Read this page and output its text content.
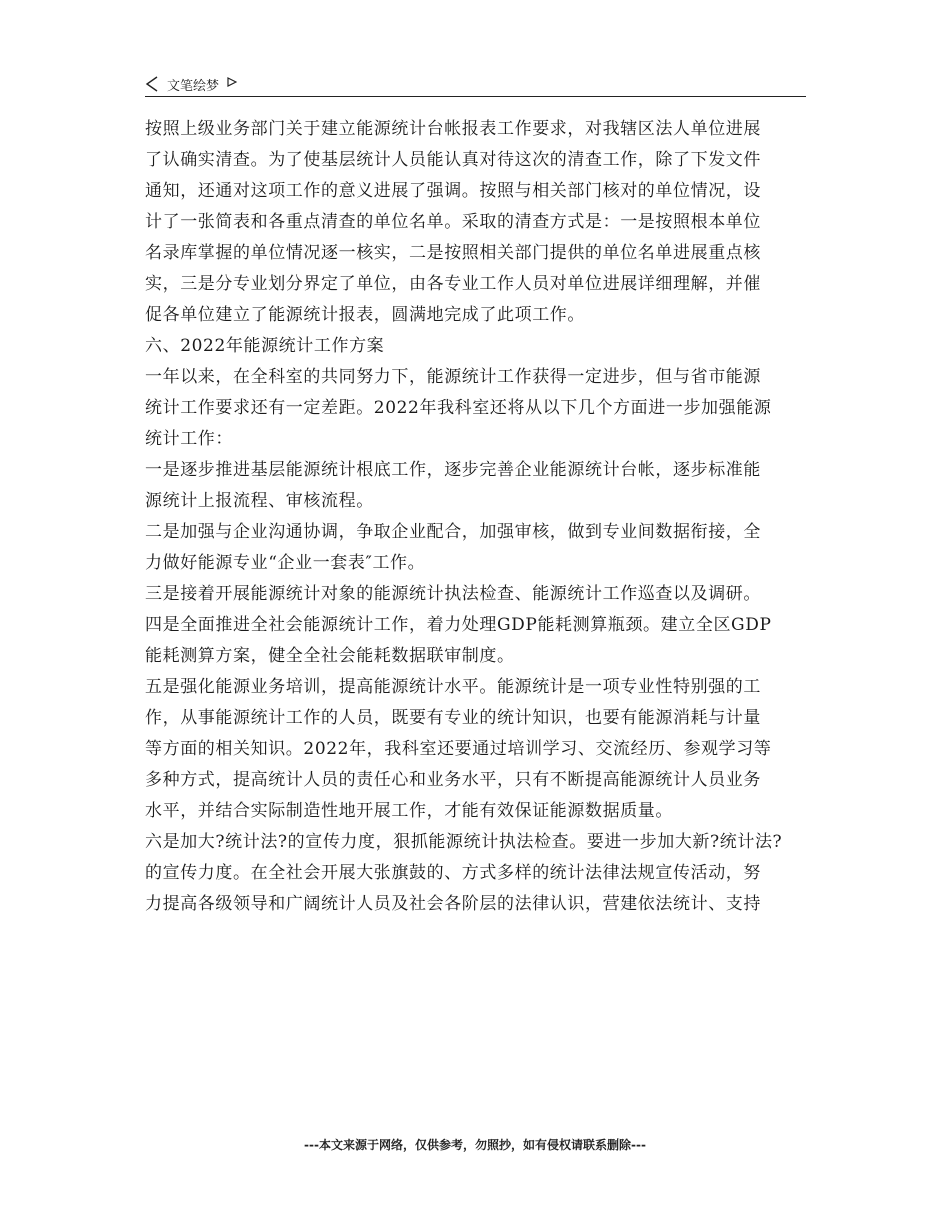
文笔绘梦
按照上级业务部门关于建立能源统计台帐报表工作要求，对我辖区法人单位进展
了认确实清查。为了使基层统计人员能认真对待这次的清查工作，除了下发文件
通知，还通对这项工作的意义进展了强调。按照与相关部门核对的单位情况，设
计了一张简表和各重点清查的单位名单。采取的清查方式是：一是按照根本单位
名录库掌握的单位情况逐一核实，二是按照相关部门提供的单位名单进展重点核
实，三是分专业划分界定了单位，由各专业工作人员对单位进展详细理解，并催
促各单位建立了能源统计报表，圆满地完成了此项工作。
六、2022年能源统计工作方案
一年以来，在全科室的共同努力下，能源统计工作获得一定进步，但与省市能源
统计工作要求还有一定差距。2022年我科室还将从以下几个方面进一步加强能源
统计工作：
一是逐步推进基层能源统计根底工作，逐步完善企业能源统计台帐，逐步标准能
源统计上报流程、审核流程。
二是加强与企业沟通协调，争取企业配合，加强审核，做到专业间数据衔接，全
力做好能源专业“企业一套表″工作。
三是接着开展能源统计对象的能源统计执法检查、能源统计工作巡查以及调研。
四是全面推进全社会能源统计工作，着力处理GDP能耗测算瓶颈。建立全区GDP
能耗测算方案，健全全社会能耗数据联审制度。
五是强化能源业务培训，提高能源统计水平。能源统计是一项专业性特别强的工
作，从事能源统计工作的人员，既要有专业的统计知识，也要有能源消耗与计量
等方面的相关知识。2022年，我科室还要通过培训学习、交流经历、参观学习等
多种方式，提高统计人员的责任心和业务水平，只有不断提高能源统计人员业务
水平，并结合实际制造性地开展工作，才能有效保证能源数据质量。
六是加大?统计法?的宣传力度，狠抓能源统计执法检查。要进一步加大新?统计法?
的宣传力度。在全社会开展大张旗鼓的、方式多样的统计法律法规宣传活动，努
力提高各级领导和广阔统计人员及社会各阶层的法律认识，营建依法统计、支持
---本文来源于网络，仅供参考，勿照抄，如有侵权请联系删除---
